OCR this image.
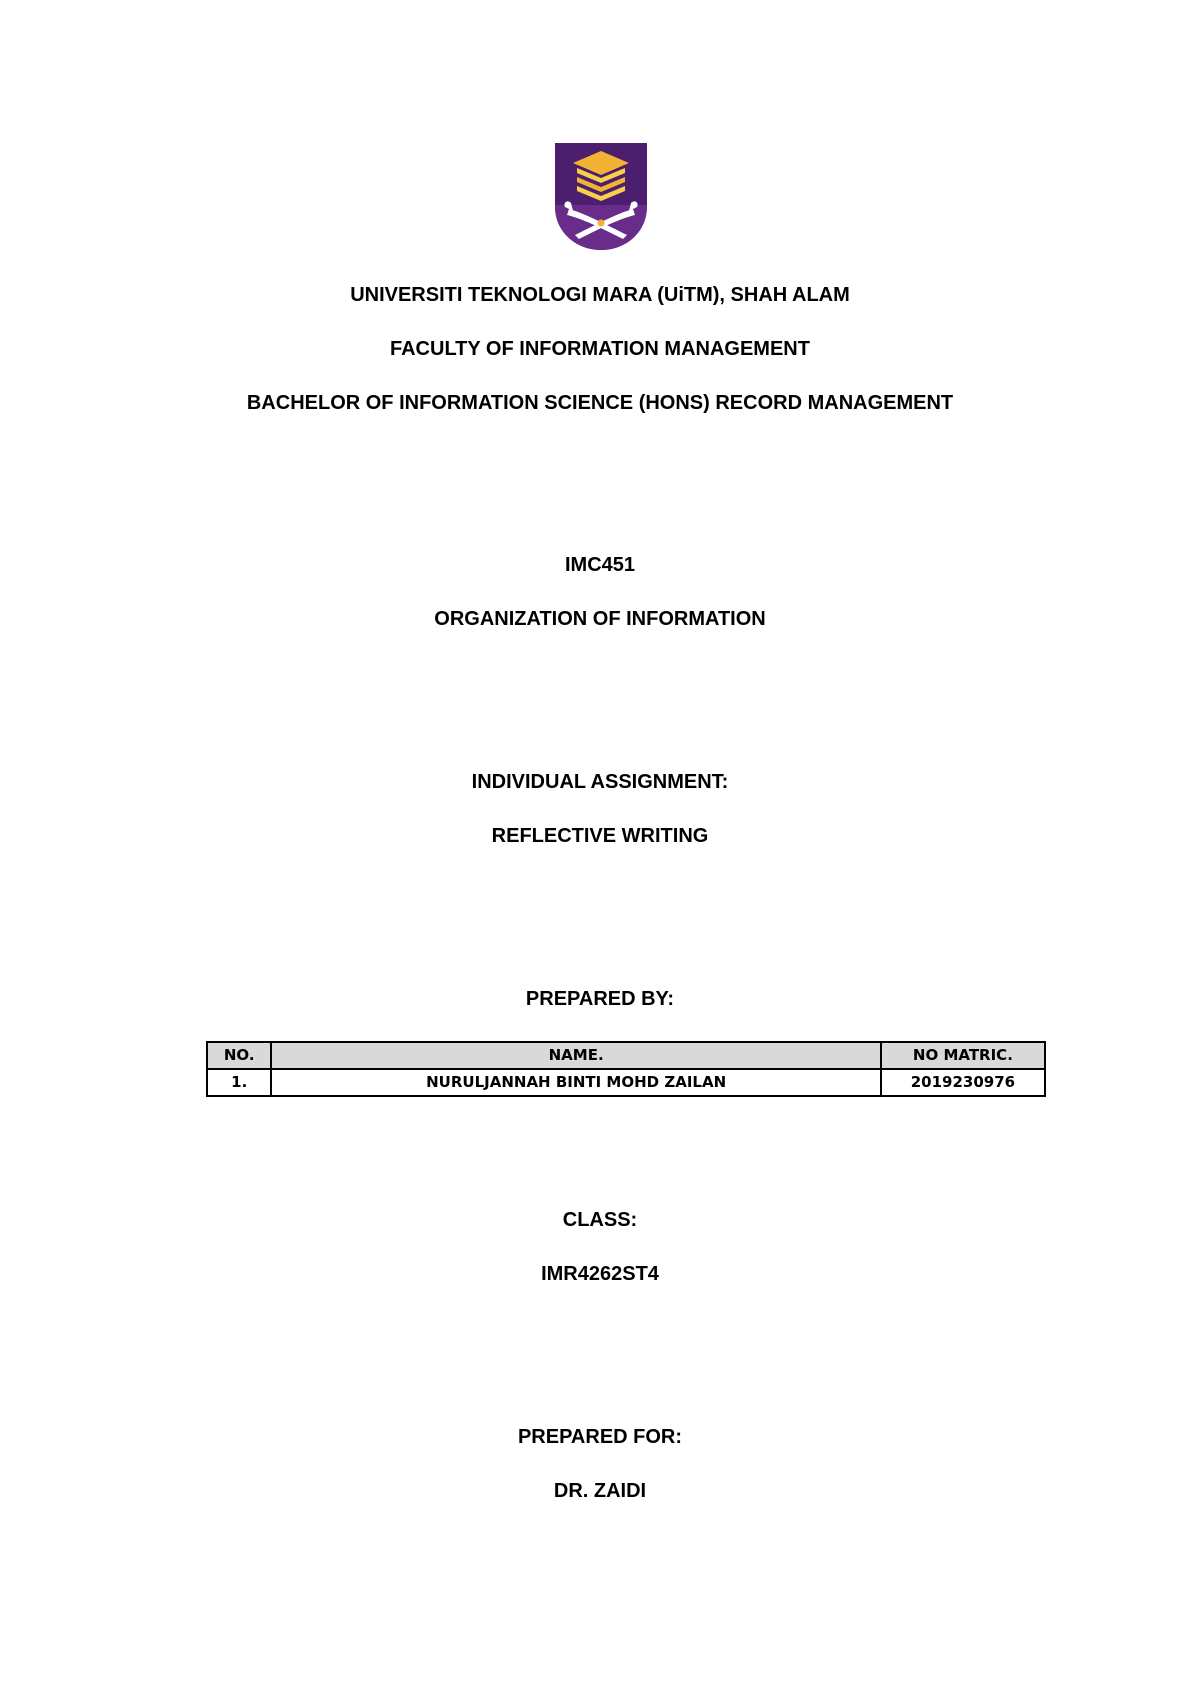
UNIVERSITI TEKNOLOGI MARA (UiTM), SHAH ALAM
FACULTY OF INFORMATION MANAGEMENT
BACHELOR OF INFORMATION SCIENCE (HONS) RECORD MANAGEMENT
IMC451
ORGANIZATION OF INFORMATION
INDIVIDUAL ASSIGNMENT:
REFLECTIVE WRITING
PREPARED BY:
NO.	NAME.	NO MATRIC.
1.	NURULJANNAH BINTI MOHD ZAILAN	2019230976
CLASS:
IMR4262ST4
PREPARED FOR:
DR. ZAIDI
